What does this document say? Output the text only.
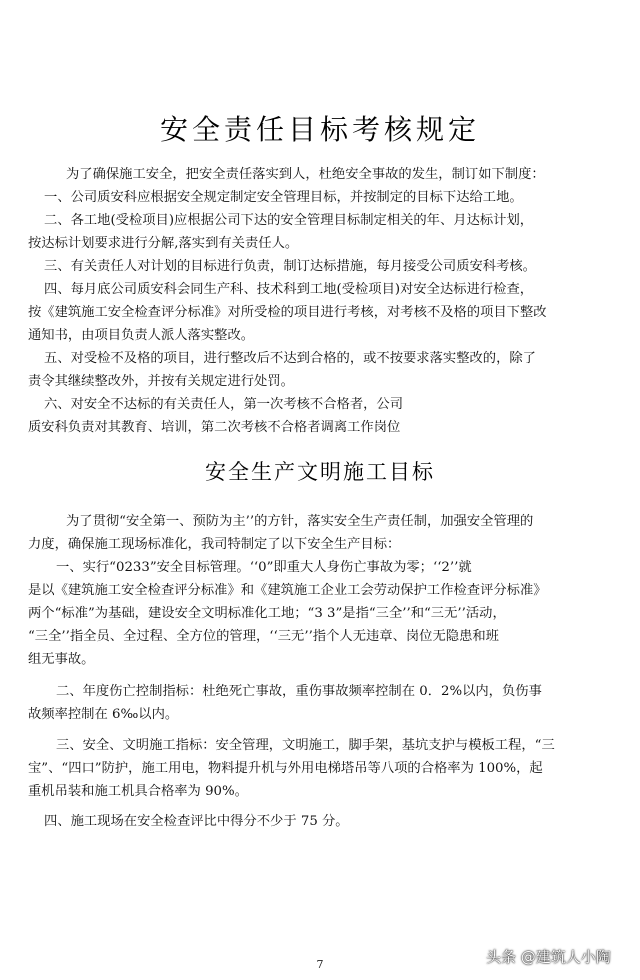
安全责任目标考核规定
为了确保施工安全，把安全责任落实到人，杜绝安全事故的发生，制订如下制度：
一、公司质安科应根据安全规定制定安全管理目标，并按制定的目标下达给工地。
二、各工地(受检项目)应根据公司下达的安全管理目标制定相关的年、月达标计划，
按达标计划要求进行分解,落实到有关责任人。
三、有关责任人对计划的目标进行负责，制订达标措施，每月接受公司质安科考核。
四、每月底公司质安科会同生产科、技术科到工地(受检项目)对安全达标进行检查，
按《建筑施工安全检查评分标准》对所受检的项目进行考核，对考核不及格的项目下整改
通知书，由项目负责人派人落实整改。
五、对受检不及格的项目，进行整改后不达到合格的，或不按要求落实整改的，除了
责令其继续整改外，并按有关规定进行处罚。
六、对安全不达标的有关责任人，第一次考核不合格者，公司
质安科负责对其教育、培训，第二次考核不合格者调离工作岗位
安全生产文明施工目标
为了贯彻“安全第一、预防为主’’的方针，落实安全生产责任制，加强安全管理的
力度，确保施工现场标准化，我司特制定了以下安全生产目标：
一、实行“0233”安全目标管理。‘‘0”即重大人身伤亡事故为零；‘‘2’’就
是以《建筑施工安全检查评分标准》和《建筑施工企业工会劳动保护工作检查评分标准》
两个“标准”为基础，建设安全文明标准化工地；“3 3”是指“三全’’和“三无’’活动，
“三全’’指全员、全过程、全方位的管理，‘‘三无’’指个人无违章、岗位无隐患和班
组无事故。
二、年度伤亡控制指标：杜绝死亡事故，重伤事故频率控制在 0．2%以内，负伤事
故频率控制在 6‰以内。
三、安全、文明施工指标：安全管理，文明施工，脚手架，基坑支护与模板工程，“三
宝”、“四口”防护，施工用电，物料提升机与外用电梯塔吊等八项的合格率为 100%，起
重机吊装和施工机具合格率为 90%。
四、施工现场在安全检查评比中得分不少于 75 分。
7	头条 @建筑人小陶
